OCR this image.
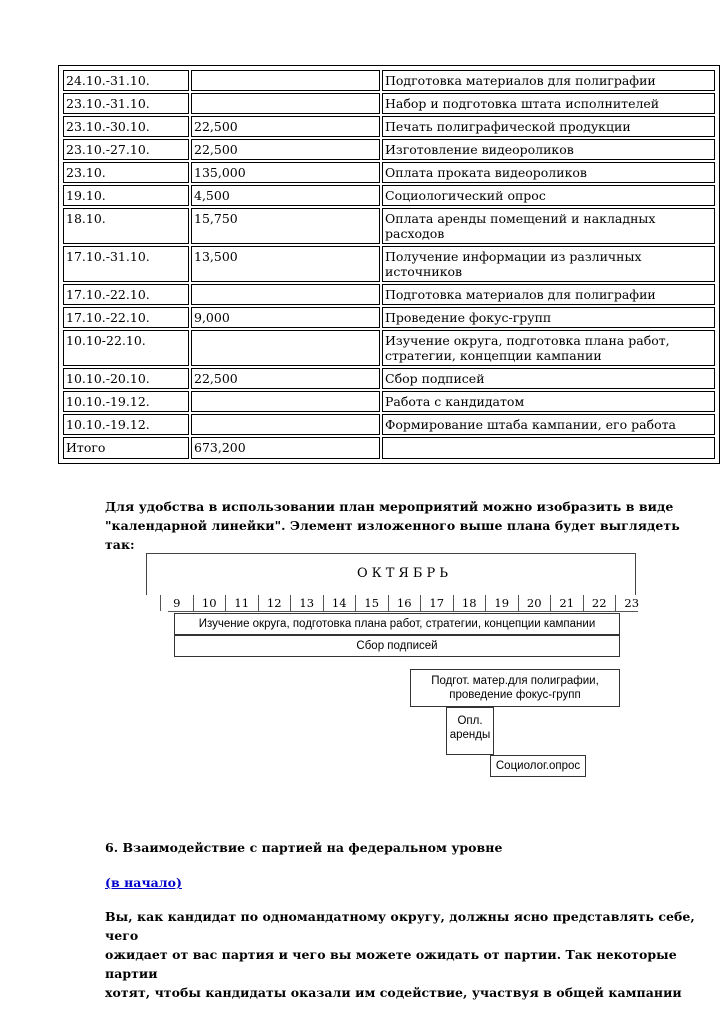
24.10.-31.10.		Подготовка материалов для полиграфии
23.10.-31.10.		Набор и подготовка штата исполнителей
23.10.-30.10.	22,500	Печать полиграфической продукции
23.10.-27.10.	22,500	Изготовление видеороликов
23.10.	135,000	Оплата проката видеороликов
19.10.	4,500	Социологический опрос
18.10.	15,750	Оплата аренды помещений и накладных расходов
17.10.-31.10.	13,500	Получение информации из различных источников
17.10.-22.10.		Подготовка материалов для полиграфии
17.10.-22.10.	9,000	Проведение фокус-групп
10.10-22.10.		Изучение округа, подготовка плана работ, стратегии, концепции кампании
10.10.-20.10.	22,500	Сбор подписей
10.10.-19.12.		Работа с кандидатом
10.10.-19.12.		Формирование штаба кампании, его работа
Итого	673,200	
Для удобства в использовании план мероприятий можно изобразить в виде
"календарной линейки". Элемент изложенного выше плана будет выглядеть так:
ОКТЯБРЬ
9	10	11	12	13	14	15	16	17	18	19	20	21	22	23
Изучение округа, подготовка плана работ, стратегии, концепции кампании
Сбор подписей
Подгот. матер.для полиграфии,
проведение фокус-групп
Опл.
аренды
Социолог.опрос
6. Взаимодействие с партией на федеральном уровне
(в начало)
Вы, как кандидат по одномандатному округу, должны ясно представлять себе, чего
ожидает от вас партия и чего вы можете ожидать от партии. Так некоторые партии
хотят, чтобы кандидаты оказали им содействие, участвуя в общей кампании
